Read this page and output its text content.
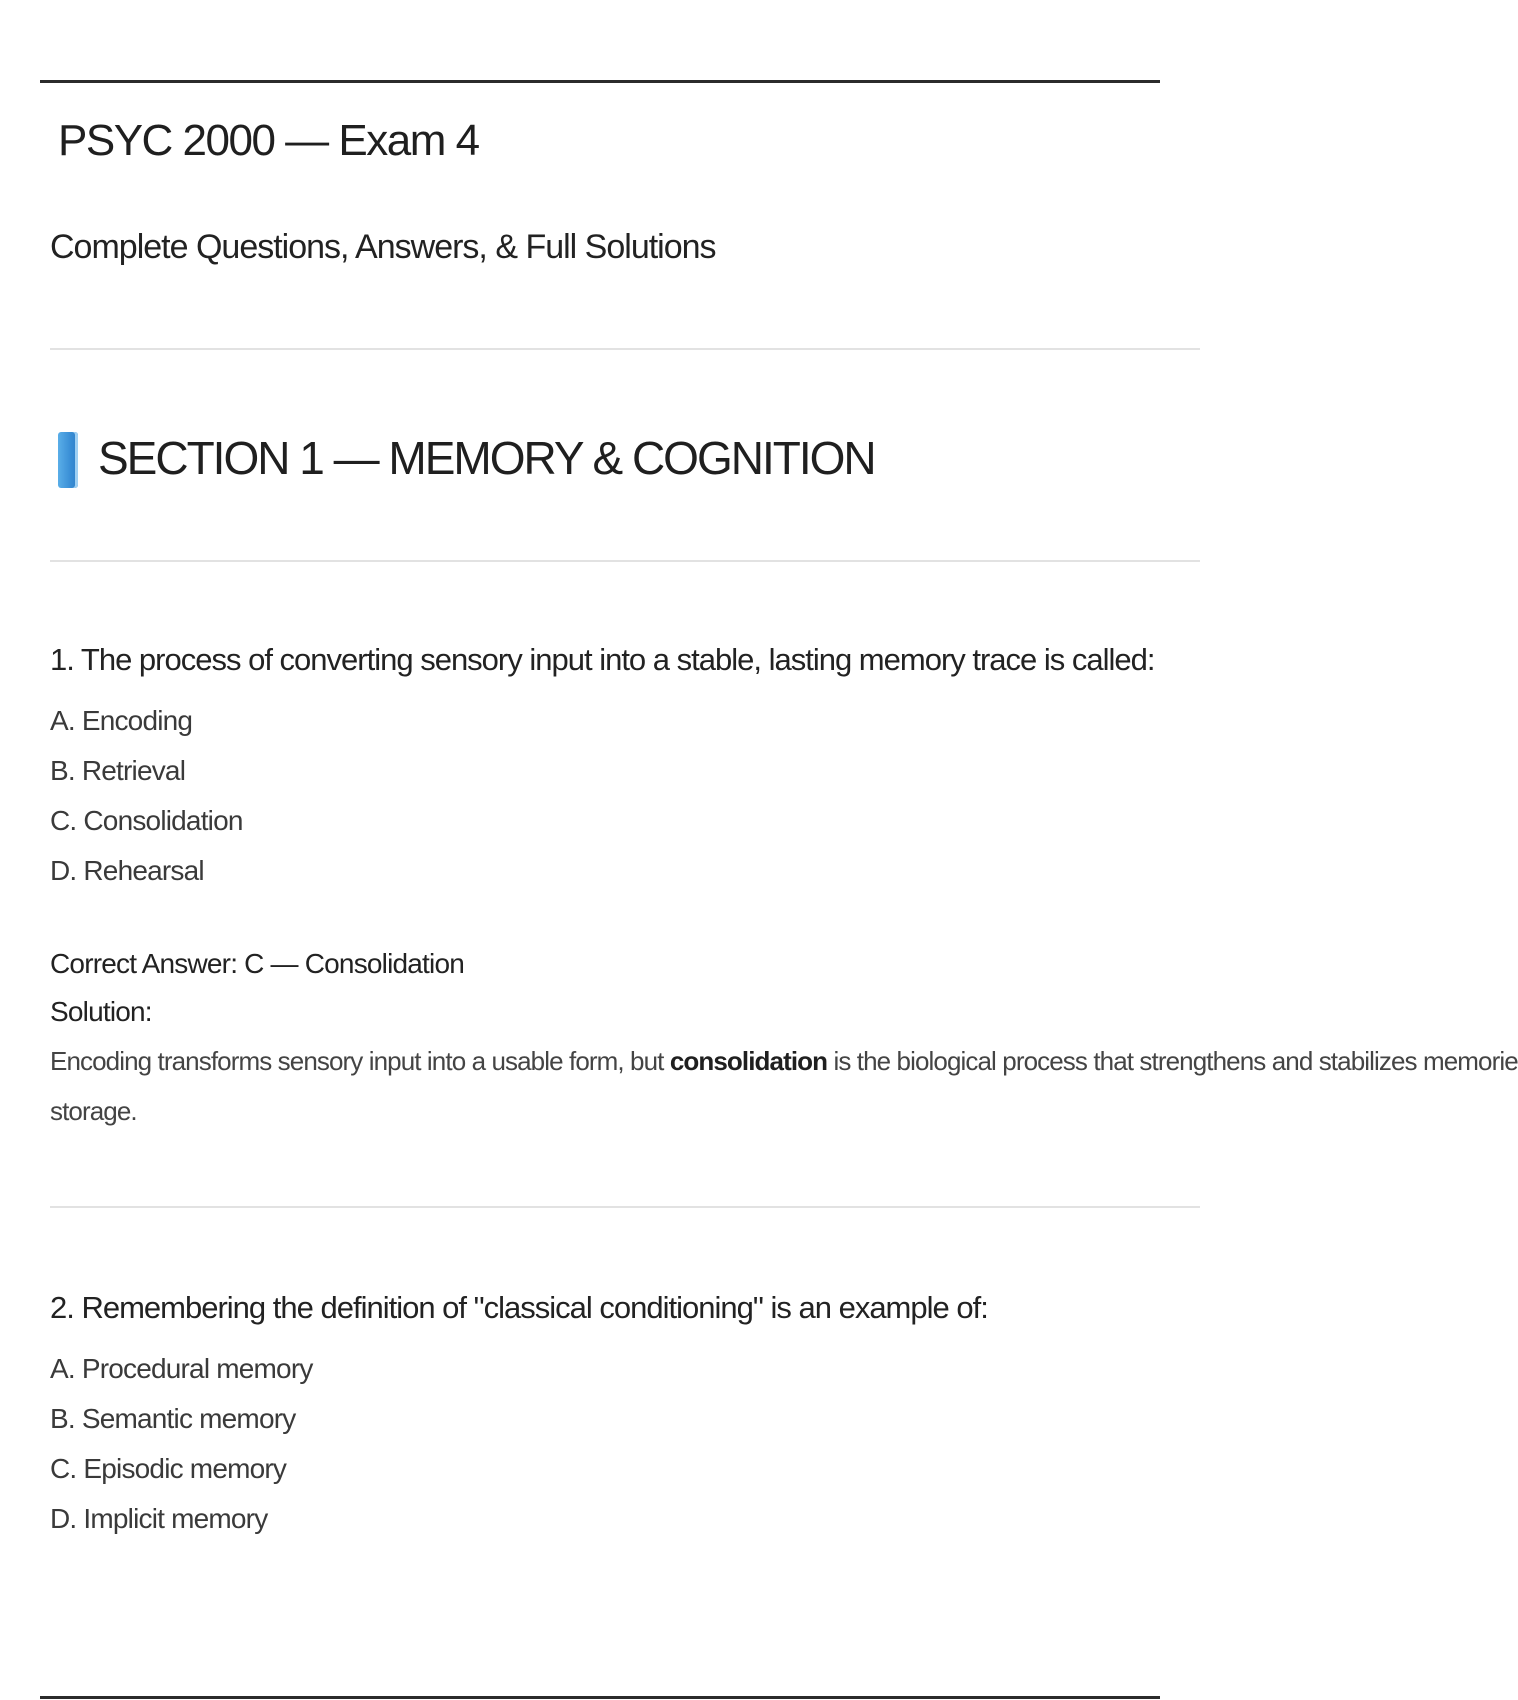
PSYC 2000 — Exam 4
Complete Questions, Answers, & Full Solutions
SECTION 1 — MEMORY & COGNITION
1. The process of converting sensory input into a stable, lasting memory trace is called:
A. Encoding
B. Retrieval
C. Consolidation
D. Rehearsal
Correct Answer: C — Consolidation
Solution:
Encoding transforms sensory input into a usable form, but consolidation is the biological process that strengthens and stabilizes memorie
storage.
2. Remembering the definition of "classical conditioning" is an example of:
A. Procedural memory
B. Semantic memory
C. Episodic memory
D. Implicit memory
